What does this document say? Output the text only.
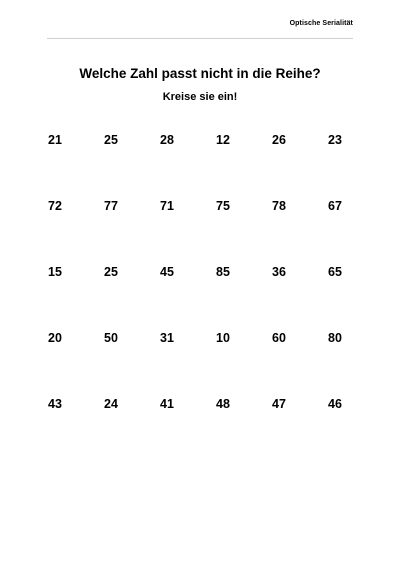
Optische Serialität
Welche Zahl passt nicht in die Reihe?
Kreise sie ein!
21	25	28	12	26	23
72	77	71	75	78	67
15	25	45	85	36	65
20	50	31	10	60	80
43	24	41	48	47	46
